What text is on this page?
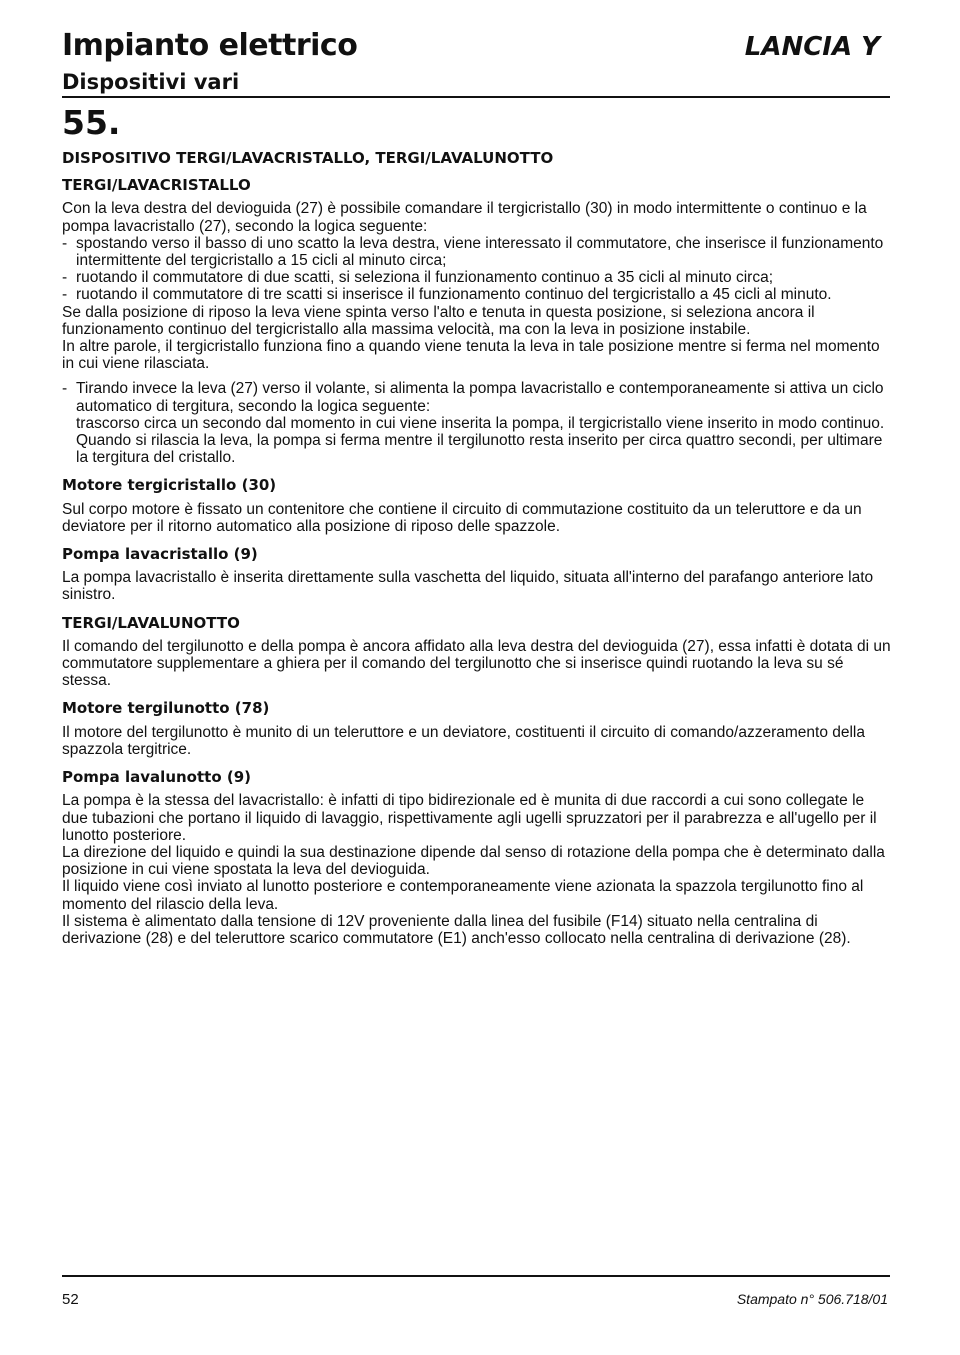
Impianto elettrico
Dispositivi vari
LANCIA Y
55.
DISPOSITIVO TERGI/LAVACRISTALLO, TERGI/LAVALUNOTTO
TERGI/LAVACRISTALLO

Con la leva destra del devioguida (27) è possibile comandare il tergicristallo (30) in modo intermittente o continuo e la pompa lavacristallo (27), secondo la logica seguente:

- spostando verso il basso di uno scatto la leva destra, viene interessato il commutatore, che inserisce il funzionamento intermittente del tergicristallo a 15 cicli al minuto circa;
- ruotando il commutatore di due scatti, si seleziona il funzionamento continuo a 35 cicli al minuto circa;
- ruotando il commutatore di tre scatti si inserisce il funzionamento continuo del tergicristallo a 45 cicli al minuto.

Se dalla posizione di riposo la leva viene spinta verso l'alto e tenuta in questa posizione, si seleziona ancora il funzionamento continuo del tergicristallo alla massima velocità, ma con la leva in posizione instabile.

In altre parole, il tergicristallo funziona fino a quando viene tenuta la leva in tale posizione mentre si ferma nel momento in cui viene rilasciata.

- Tirando invece la leva (27) verso il volante, si alimenta la pompa lavacristallo e contemporaneamente si attiva un ciclo automatico di tergitura, secondo la logica seguente:
trascorso circa un secondo dal momento in cui viene inserita la pompa, il tergicristallo viene inserito in modo continuo. Quando si rilascia la leva, la pompa si ferma mentre il tergilunotto resta inserito per circa quattro secondi, per ultimare la tergitura del cristallo.
Motore tergicristallo (30)

Sul corpo motore è fissato un contenitore che contiene il circuito di commutazione costituito da un teleruttore e da un deviatore per il ritorno automatico alla posizione di riposo delle spazzole.

Pompa lavacristallo (9)

La pompa lavacristallo è inserita direttamente sulla vaschetta del liquido, situata all'interno del parafango anteriore lato sinistro.

TERGI/LAVALUNOTTO

Il comando del tergilunotto e della pompa è ancora affidato alla leva destra del devioguida (27), essa infatti è dotata di un commutatore supplementare a ghiera per il comando del tergilunotto che si inserisce quindi ruotando la leva su sé stessa.

Motore tergilunotto (78)

Il motore del tergilunotto è munito di un teleruttore e un deviatore, costituenti il circuito di comando/azzeramento della spazzola tergitrice.

Pompa lavalunotto (9)

La pompa è la stessa del lavacristallo: è infatti di tipo bidirezionale ed è munita di due raccordi a cui sono collegate le due tubazioni che portano il liquido di lavaggio, rispettivamente agli ugelli spruzzatori per il parabrezza e all'ugello per il lunotto posteriore.

La direzione del liquido e quindi la sua destinazione dipende dal senso di rotazione della pompa che è determinato dalla posizione in cui viene spostata la leva del devioguida.

Il liquido viene così inviato al lunotto posteriore e contemporaneamente viene azionata la spazzola tergilunotto fino al momento del rilascio della leva.

Il sistema è alimentato dalla tensione di 12V proveniente dalla linea del fusibile (F14) situato nella centralina di derivazione (28) e del teleruttore scarico commutatore (E1) anch'esso collocato nella centralina di derivazione (28).

52	Stampato n° 506.718/01
